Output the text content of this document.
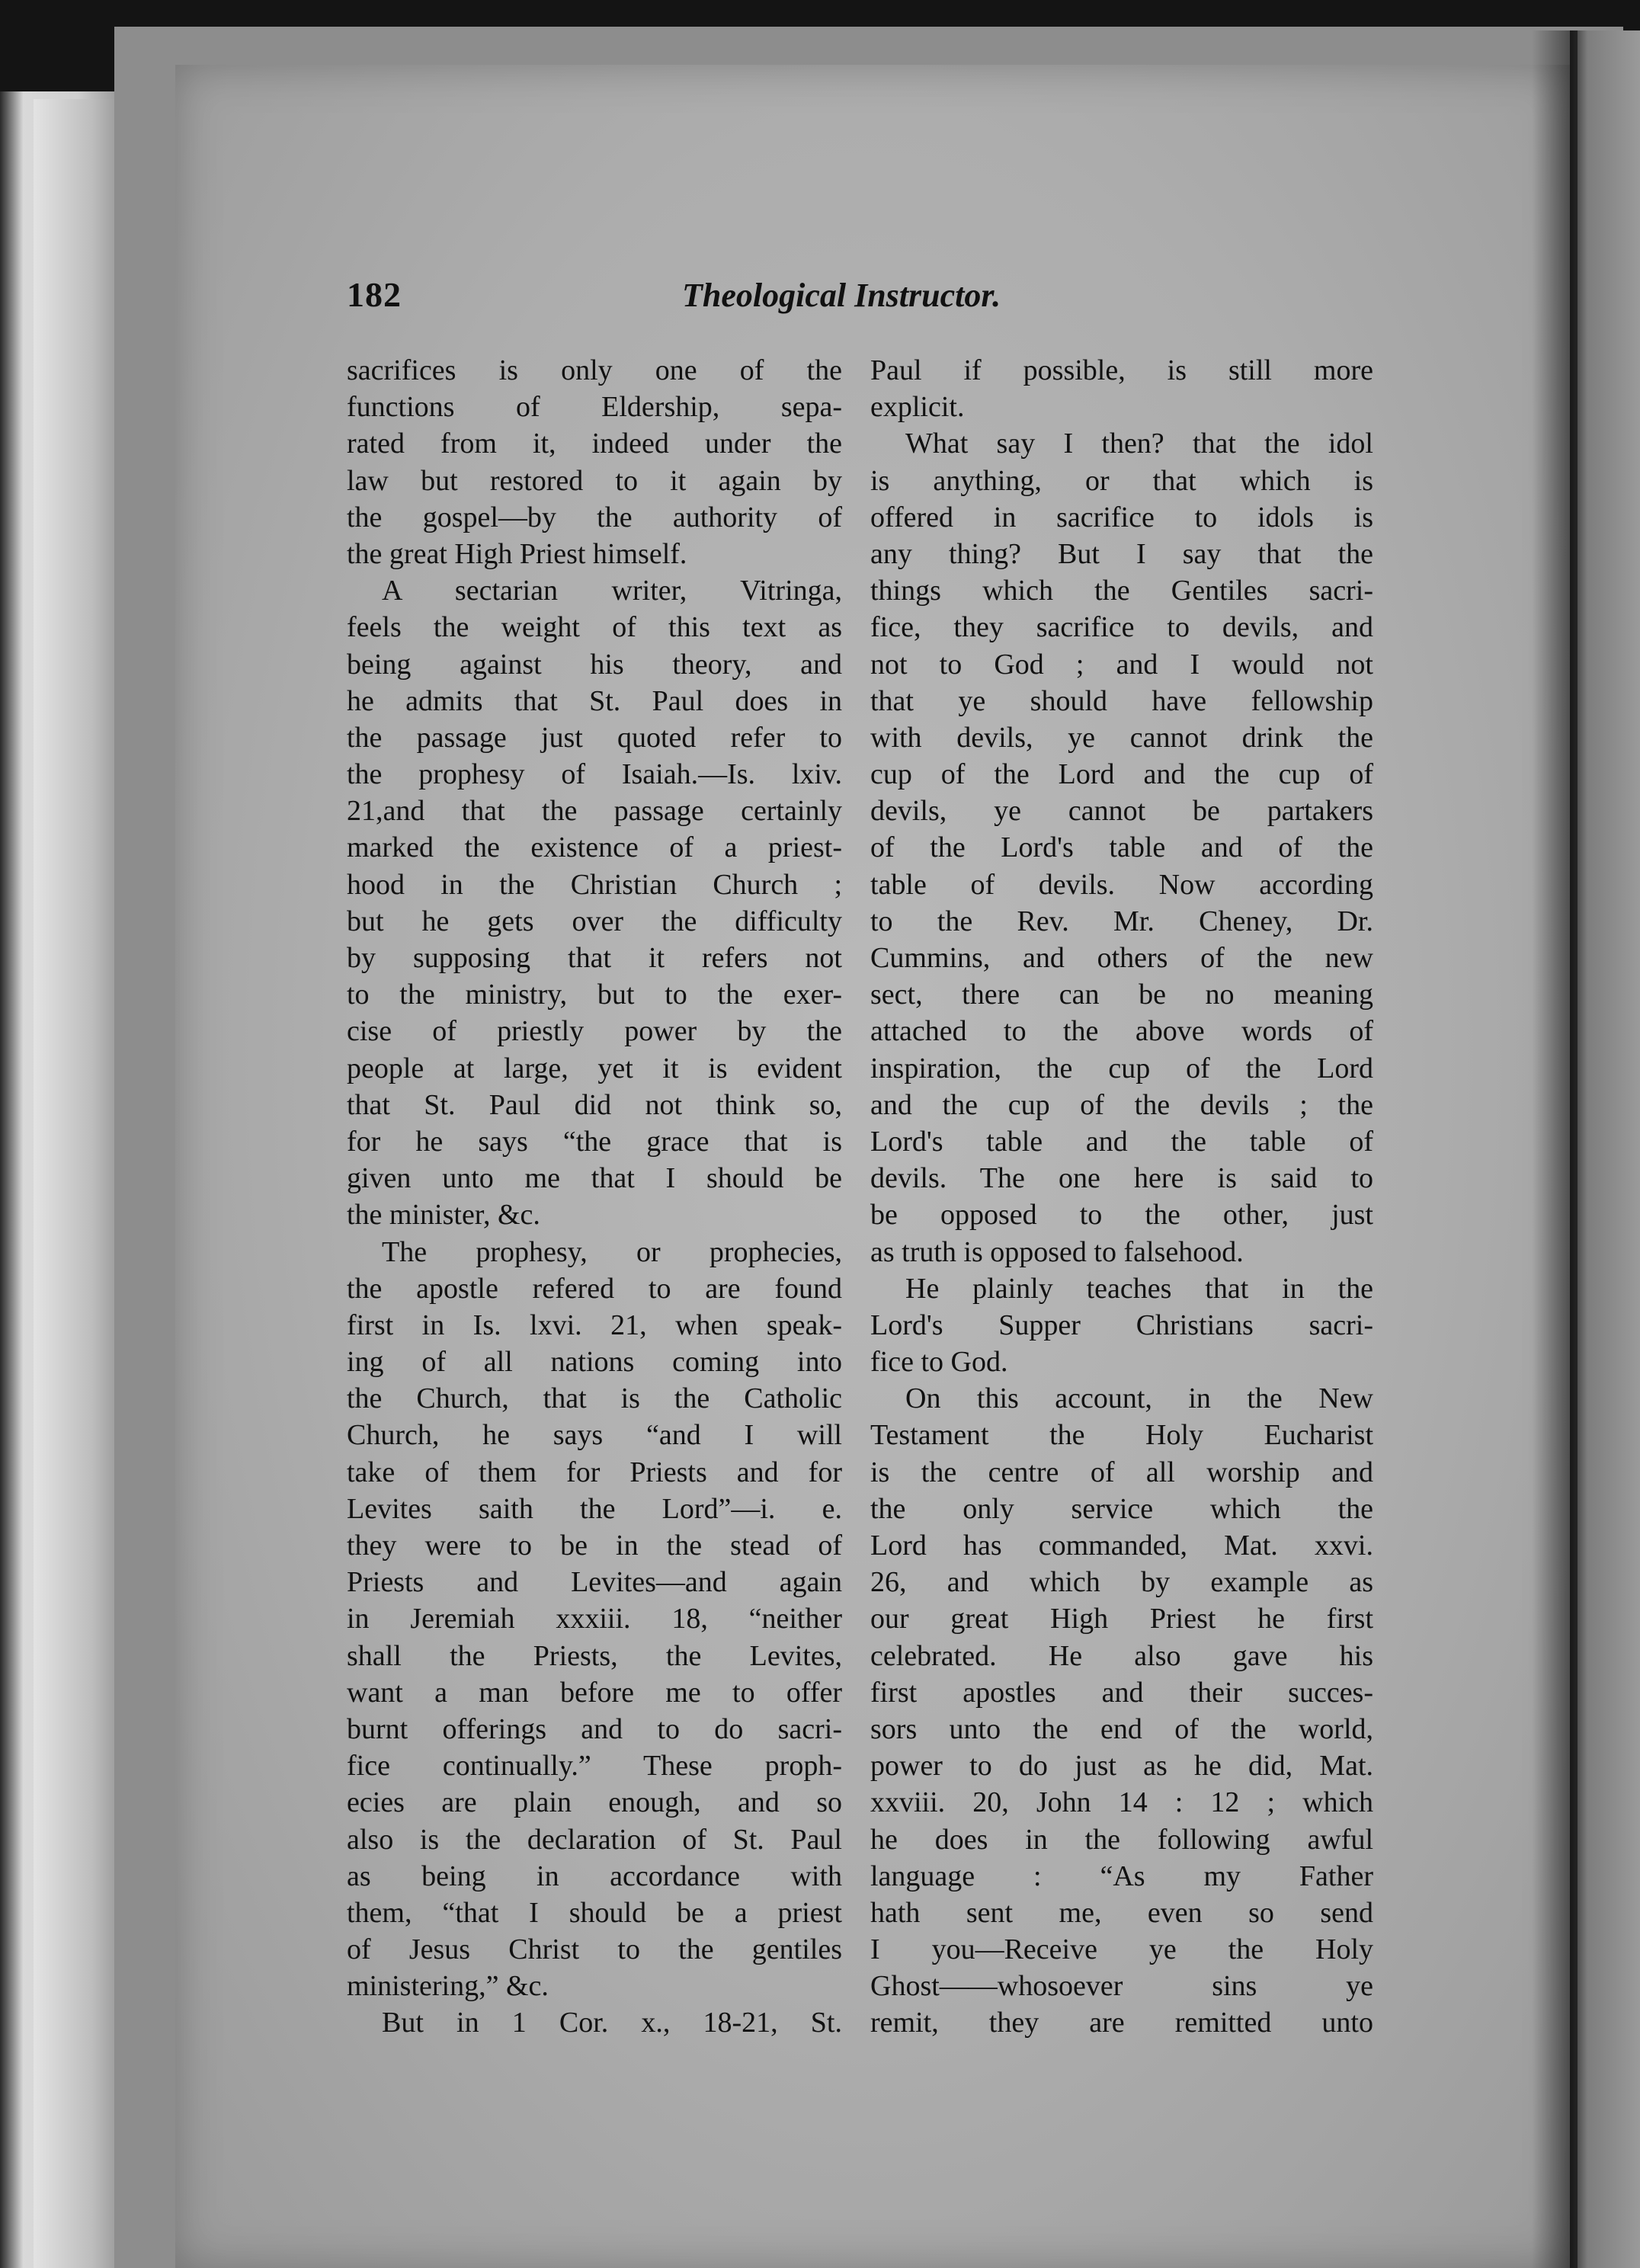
182	Theological Instructor.
sacrifices is only one of the
functions of Eldership, sepa-
rated from it, indeed under the
law but restored to it again by
the gospel—by the authority of
the great High Priest himself.
A sectarian writer, Vitringa,
feels the weight of this text as
being against his theory, and
he admits that St. Paul does in
the passage just quoted refer to
the prophesy of Isaiah.—Is. lxiv.
21,and that the passage certainly
marked the existence of a priest-
hood in the Christian Church ;
but he gets over the difficulty
by supposing that it refers not
to the ministry, but to the exer-
cise of priestly power by the
people at large, yet it is evident
that St. Paul did not think so,
for he says “the grace that is
given unto me that I should be
the minister, &c.
The prophesy, or prophecies,
the apostle refered to are found
first in Is. lxvi. 21, when speak-
ing of all nations coming into
the Church, that is the Catholic
Church, he says “and I will
take of them for Priests and for
Levites saith the Lord”—i. e.
they were to be in the stead of
Priests and Levites—and again
in Jeremiah xxxiii. 18, “neither
shall the Priests, the Levites,
want a man before me to offer
burnt offerings and to do sacri-
fice continually.” These proph-
ecies are plain enough, and so
also is the declaration of St. Paul
as being in accordance with
them, “that I should be a priest
of Jesus Christ to the gentiles
ministering,” &c.
But in 1 Cor. x., 18-21, St.
Paul if possible, is still more
explicit.
What say I then? that the idol
is anything, or that which is
offered in sacrifice to idols is
any thing? But I say that the
things which the Gentiles sacri-
fice, they sacrifice to devils, and
not to God ; and I would not
that ye should have fellowship
with devils, ye cannot drink the
cup of the Lord and the cup of
devils, ye cannot be partakers
of the Lord's table and of the
table of devils. Now according
to the Rev. Mr. Cheney, Dr.
Cummins, and others of the new
sect, there can be no meaning
attached to the above words of
inspiration, the cup of the Lord
and the cup of the devils ; the
Lord's table and the table of
devils. The one here is said to
be opposed to the other, just
as truth is opposed to falsehood.
He plainly teaches that in the
Lord's Supper Christians sacri-
fice to God.
On this account, in the New
Testament the Holy Eucharist
is the centre of all worship and
the only service which the
Lord has commanded, Mat. xxvi.
26, and which by example as
our great High Priest he first
celebrated. He also gave his
first apostles and their succes-
sors unto the end of the world,
power to do just as he did, Mat.
xxviii. 20, John 14 : 12 ; which
he does in the following awful
language : “As my Father
hath sent me, even so send
I you—Receive ye the Holy
Ghost——whosoever sins ye
remit, they are remitted unto
